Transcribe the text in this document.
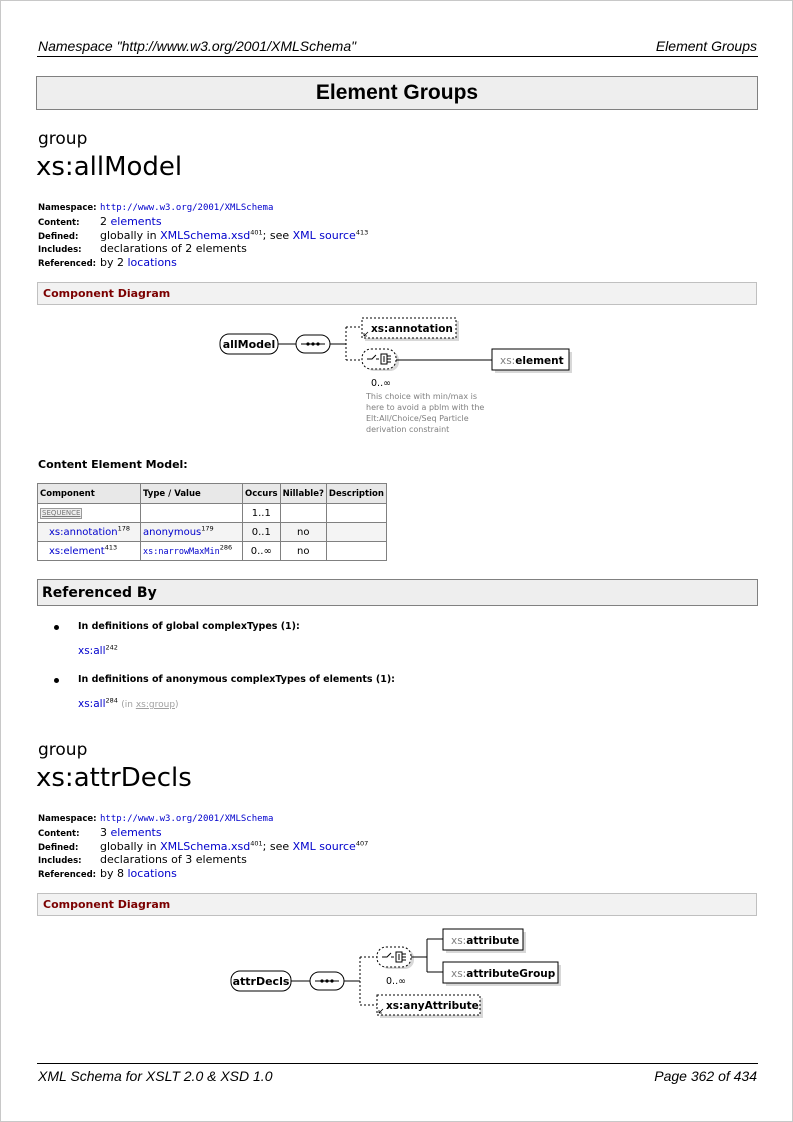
Namespace "http://www.w3.org/2001/XMLSchema"	Element Groups
Element Groups
group
xs:allModel
Namespace: http://www.w3.org/2001/XMLSchema
Content:	2 elements
Defined:	globally in XMLSchema.xsd$^{401}$; see XML source$^{413}$
Includes:	declarations of 2 elements
Referenced: by 2 locations
Component Diagram
allModel
xs:annotation
0..∞
xs:element
This choice with min/max is
here to avoid a pblm with the
Elt:All/Choice/Seq Particle
derivation constraint
Content Element Model:
Component	Type / Value	Occurs	Nillable?	Description
SEQUENCE		1..1		
xs:annotation$^{178}$	anonymous$^{179}$	0..1	no	
xs:element$^{413}$	xs:narrowMaxMin$^{286}$	0..∞	no	
Referenced By
In definitions of global complexTypes (1):
xs:all$^{242}$
In definitions of anonymous complexTypes of elements (1):
xs:all$^{284}$ (in xs:group)
group
xs:attrDecls
Namespace: http://www.w3.org/2001/XMLSchema
Content:	3 elements
Defined:	globally in XMLSchema.xsd$^{401}$; see XML source$^{407}$
Includes:	declarations of 3 elements
Referenced: by 8 locations
Component Diagram
attrDecls	0..∞
xs:attribute
xs:attributeGroup
xs:anyAttribute
XML Schema for XSLT 2.0 & XSD 1.0	Page 362 of 434
